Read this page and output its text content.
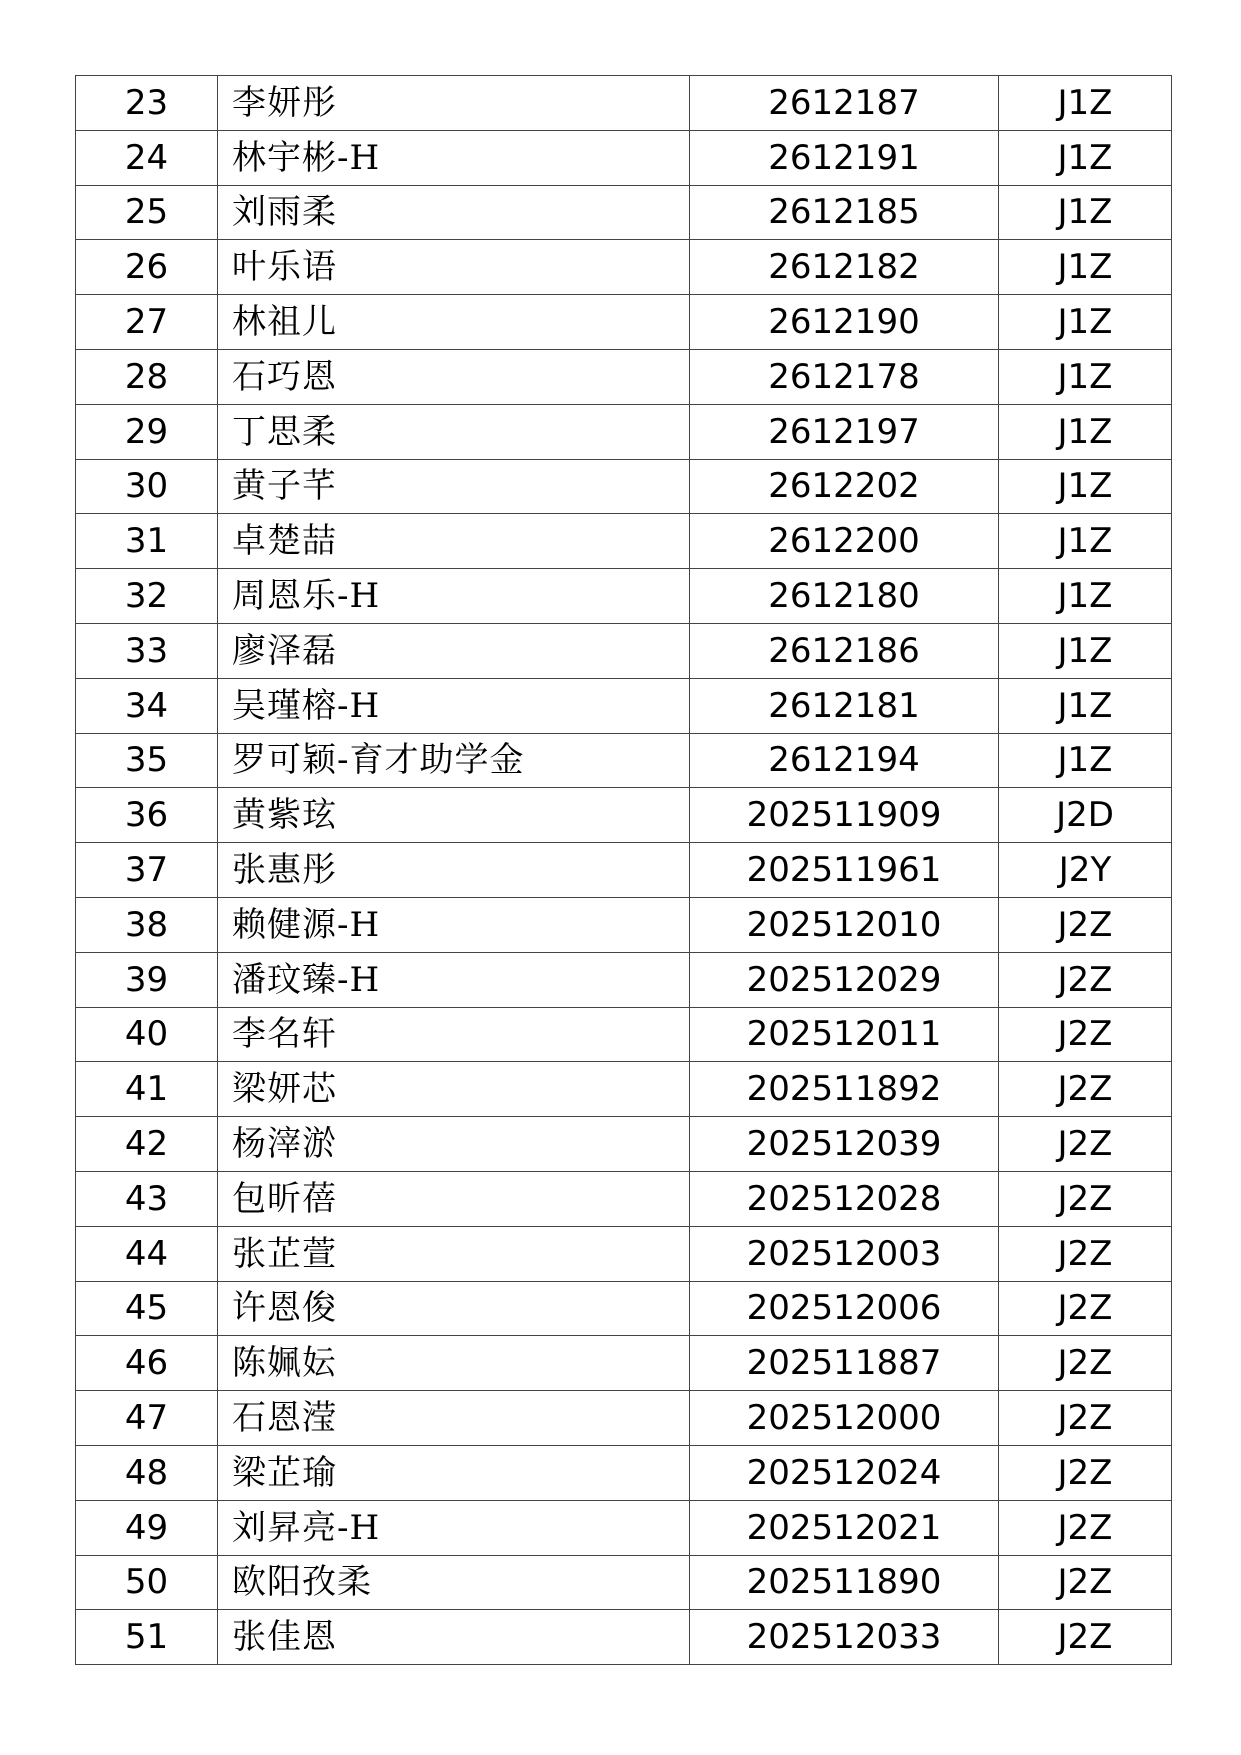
23	李妍彤	2612187	J1Z
24	林宇彬-H	2612191	J1Z
25	刘雨柔	2612185	J1Z
26	叶乐语	2612182	J1Z
27	林祖儿	2612190	J1Z
28	石巧恩	2612178	J1Z
29	丁思柔	2612197	J1Z
30	黄子芊	2612202	J1Z
31	卓楚喆	2612200	J1Z
32	周恩乐-H	2612180	J1Z
33	廖泽磊	2612186	J1Z
34	吴瑾榕-H	2612181	J1Z
35	罗可颖-育才助学金	2612194	J1Z
36	黄紫玹	202511909	J2D
37	张惠彤	202511961	J2Y
38	赖健源-H	202512010	J2Z
39	潘玟臻-H	202512029	J2Z
40	李名轩	202512011	J2Z
41	梁妍芯	202511892	J2Z
42	杨滓淤	202512039	J2Z
43	包昕蓓	202512028	J2Z
44	张芷萱	202512003	J2Z
45	许恩俊	202512006	J2Z
46	陈姵妘	202511887	J2Z
47	石恩滢	202512000	J2Z
48	梁芷瑜	202512024	J2Z
49	刘昇亮-H	202512021	J2Z
50	欧阳孜柔	202511890	J2Z
51	张佳恩	202512033	J2Z
